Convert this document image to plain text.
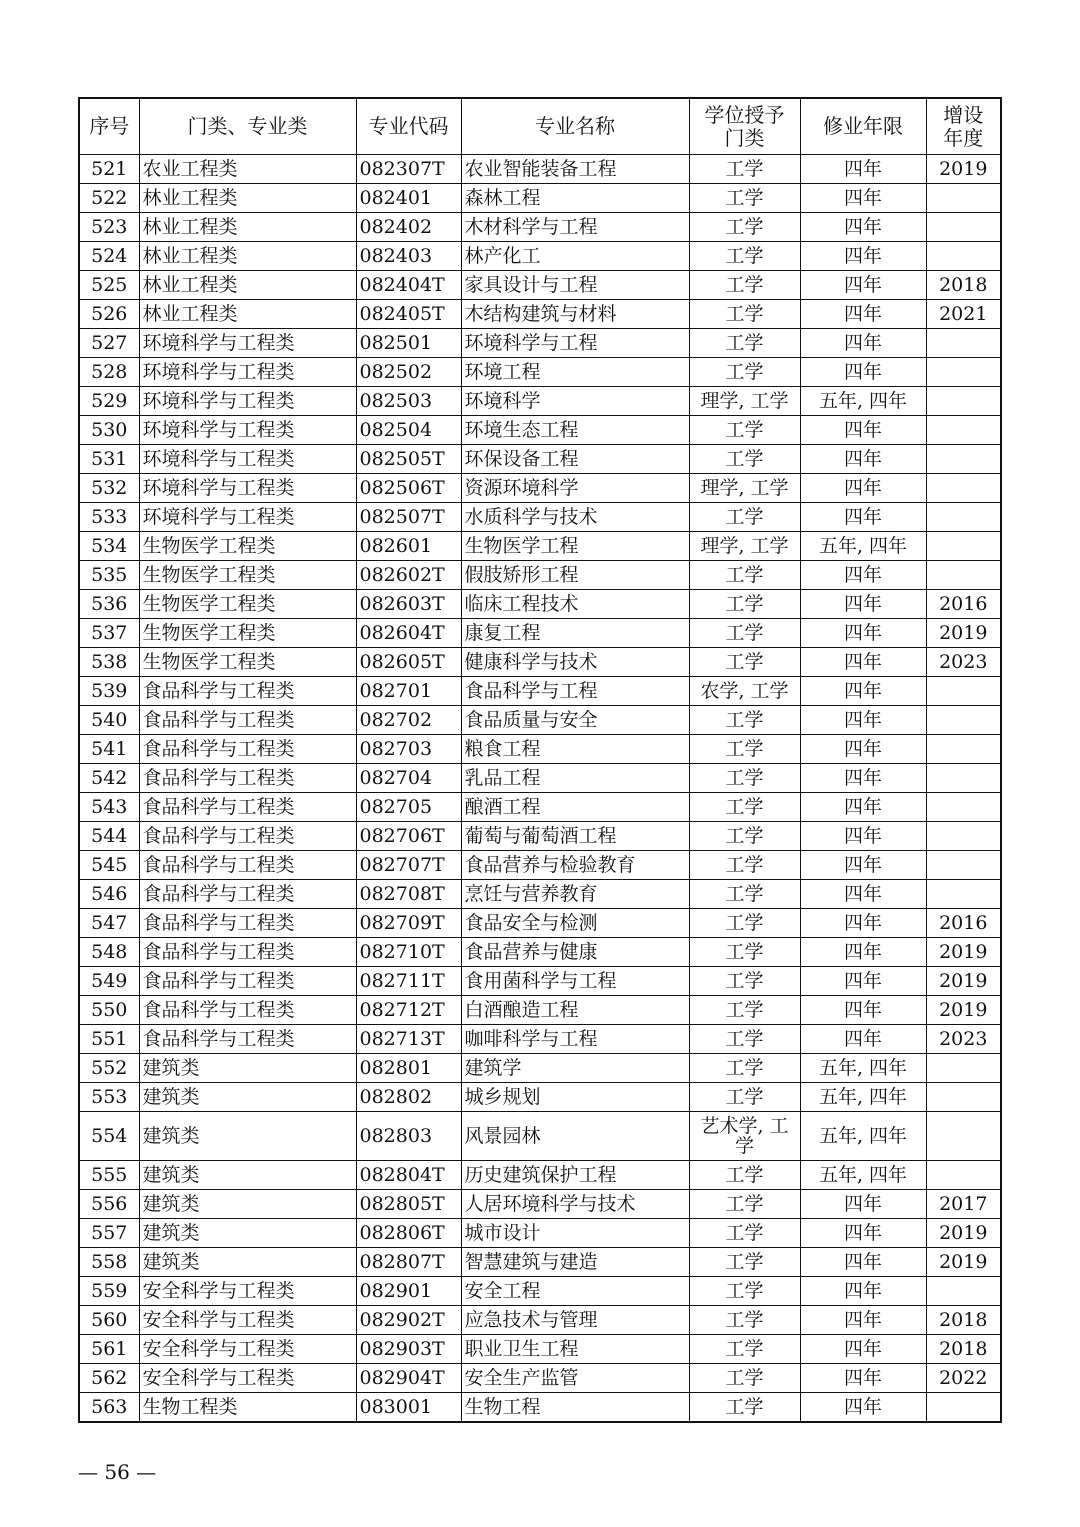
序号	门类、专业类	专业代码	专业名称	学位授予门类	修业年限	增设年度
521	农业工程类	082307T	农业智能装备工程	工学	四年	2019
522	林业工程类	082401	森林工程	工学	四年	
523	林业工程类	082402	木材科学与工程	工学	四年	
524	林业工程类	082403	林产化工	工学	四年	
525	林业工程类	082404T	家具设计与工程	工学	四年	2018
526	林业工程类	082405T	木结构建筑与材料	工学	四年	2021
527	环境科学与工程类	082501	环境科学与工程	工学	四年	
528	环境科学与工程类	082502	环境工程	工学	四年	
529	环境科学与工程类	082503	环境科学	理学, 工学	五年, 四年	
530	环境科学与工程类	082504	环境生态工程	工学	四年	
531	环境科学与工程类	082505T	环保设备工程	工学	四年	
532	环境科学与工程类	082506T	资源环境科学	理学, 工学	四年	
533	环境科学与工程类	082507T	水质科学与技术	工学	四年	
534	生物医学工程类	082601	生物医学工程	理学, 工学	五年, 四年	
535	生物医学工程类	082602T	假肢矫形工程	工学	四年	
536	生物医学工程类	082603T	临床工程技术	工学	四年	2016
537	生物医学工程类	082604T	康复工程	工学	四年	2019
538	生物医学工程类	082605T	健康科学与技术	工学	四年	2023
539	食品科学与工程类	082701	食品科学与工程	农学, 工学	四年	
540	食品科学与工程类	082702	食品质量与安全	工学	四年	
541	食品科学与工程类	082703	粮食工程	工学	四年	
542	食品科学与工程类	082704	乳品工程	工学	四年	
543	食品科学与工程类	082705	酿酒工程	工学	四年	
544	食品科学与工程类	082706T	葡萄与葡萄酒工程	工学	四年	
545	食品科学与工程类	082707T	食品营养与检验教育	工学	四年	
546	食品科学与工程类	082708T	烹饪与营养教育	工学	四年	
547	食品科学与工程类	082709T	食品安全与检测	工学	四年	2016
548	食品科学与工程类	082710T	食品营养与健康	工学	四年	2019
549	食品科学与工程类	082711T	食用菌科学与工程	工学	四年	2019
550	食品科学与工程类	082712T	白酒酿造工程	工学	四年	2019
551	食品科学与工程类	082713T	咖啡科学与工程	工学	四年	2023
552	建筑类	082801	建筑学	工学	五年, 四年	
553	建筑类	082802	城乡规划	工学	五年, 四年	
554	建筑类	082803	风景园林	艺术学, 工学	五年, 四年	
555	建筑类	082804T	历史建筑保护工程	工学	五年, 四年	
556	建筑类	082805T	人居环境科学与技术	工学	四年	2017
557	建筑类	082806T	城市设计	工学	四年	2019
558	建筑类	082807T	智慧建筑与建造	工学	四年	2019
559	安全科学与工程类	082901	安全工程	工学	四年	
560	安全科学与工程类	082902T	应急技术与管理	工学	四年	2018
561	安全科学与工程类	082903T	职业卫生工程	工学	四年	2018
562	安全科学与工程类	082904T	安全生产监管	工学	四年	2022
563	生物工程类	083001	生物工程	工学	四年	
— 56 —
